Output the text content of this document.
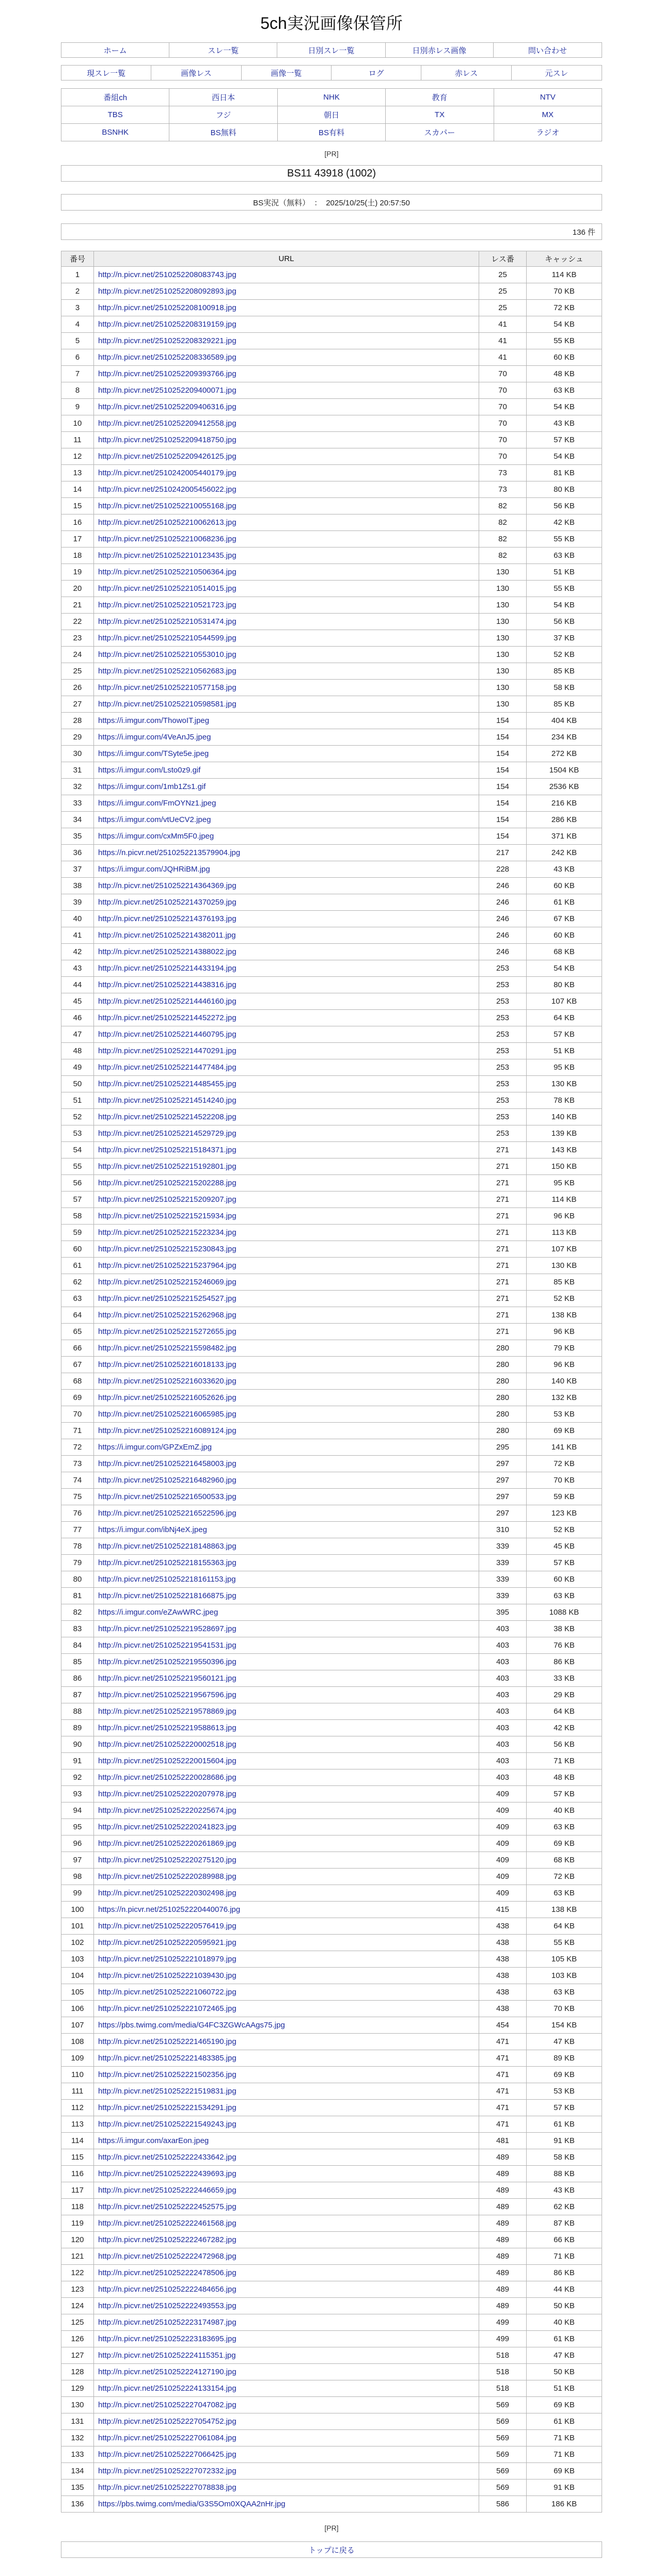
5ch実況画像保管所
ホーム	スレ一覧	日別スレ一覧	日別赤レス画像	問い合わせ
現スレ一覧	画像レス	画像一覧	ログ	赤レス	元スレ
番組ch	西日本	NHK	教育	NTV
TBS	フジ	朝日	TX	MX
BSNHK	BS無料	BS有料	スカパー	ラジオ
[PR]
BS11 43918 (1002)
BS実況（無料） ： 2025/10/25(土) 20:57:50
136 件
番号	URL	レス番	キャッシュ
1	http://n.picvr.net/2510252208083743.jpg	25	114 KB
2	http://n.picvr.net/2510252208092893.jpg	25	70 KB
3	http://n.picvr.net/2510252208100918.jpg	25	72 KB
4	http://n.picvr.net/2510252208319159.jpg	41	54 KB
5	http://n.picvr.net/2510252208329221.jpg	41	55 KB
6	http://n.picvr.net/2510252208336589.jpg	41	60 KB
7	http://n.picvr.net/2510252209393766.jpg	70	48 KB
8	http://n.picvr.net/2510252209400071.jpg	70	63 KB
9	http://n.picvr.net/2510252209406316.jpg	70	54 KB
10	http://n.picvr.net/2510252209412558.jpg	70	43 KB
11	http://n.picvr.net/2510252209418750.jpg	70	57 KB
12	http://n.picvr.net/2510252209426125.jpg	70	54 KB
13	http://n.picvr.net/2510242005440179.jpg	73	81 KB
14	http://n.picvr.net/2510242005456022.jpg	73	80 KB
15	http://n.picvr.net/2510252210055168.jpg	82	56 KB
16	http://n.picvr.net/2510252210062613.jpg	82	42 KB
17	http://n.picvr.net/2510252210068236.jpg	82	55 KB
18	http://n.picvr.net/2510252210123435.jpg	82	63 KB
19	http://n.picvr.net/2510252210506364.jpg	130	51 KB
20	http://n.picvr.net/2510252210514015.jpg	130	55 KB
21	http://n.picvr.net/2510252210521723.jpg	130	54 KB
22	http://n.picvr.net/2510252210531474.jpg	130	56 KB
23	http://n.picvr.net/2510252210544599.jpg	130	37 KB
24	http://n.picvr.net/2510252210553010.jpg	130	52 KB
25	http://n.picvr.net/2510252210562683.jpg	130	85 KB
26	http://n.picvr.net/2510252210577158.jpg	130	58 KB
27	http://n.picvr.net/2510252210598581.jpg	130	85 KB
28	https://i.imgur.com/ThowoIT.jpeg	154	404 KB
29	https://i.imgur.com/4VeAnJ5.jpeg	154	234 KB
30	https://i.imgur.com/TSyte5e.jpeg	154	272 KB
31	https://i.imgur.com/Lsto0z9.gif	154	1504 KB
32	https://i.imgur.com/1mb1Zs1.gif	154	2536 KB
33	https://i.imgur.com/FmOYNz1.jpeg	154	216 KB
34	https://i.imgur.com/vtUeCV2.jpeg	154	286 KB
35	https://i.imgur.com/cxMm5F0.jpeg	154	371 KB
36	https://n.picvr.net/2510252213579904.jpg	217	242 KB
37	https://i.imgur.com/JQHRiBM.jpg	228	43 KB
38	http://n.picvr.net/2510252214364369.jpg	246	60 KB
39	http://n.picvr.net/2510252214370259.jpg	246	61 KB
40	http://n.picvr.net/2510252214376193.jpg	246	67 KB
41	http://n.picvr.net/2510252214382011.jpg	246	60 KB
42	http://n.picvr.net/2510252214388022.jpg	246	68 KB
43	http://n.picvr.net/2510252214433194.jpg	253	54 KB
44	http://n.picvr.net/2510252214438316.jpg	253	80 KB
45	http://n.picvr.net/2510252214446160.jpg	253	107 KB
46	http://n.picvr.net/2510252214452272.jpg	253	64 KB
47	http://n.picvr.net/2510252214460795.jpg	253	57 KB
48	http://n.picvr.net/2510252214470291.jpg	253	51 KB
49	http://n.picvr.net/2510252214477484.jpg	253	95 KB
50	http://n.picvr.net/2510252214485455.jpg	253	130 KB
51	http://n.picvr.net/2510252214514240.jpg	253	78 KB
52	http://n.picvr.net/2510252214522208.jpg	253	140 KB
53	http://n.picvr.net/2510252214529729.jpg	253	139 KB
54	http://n.picvr.net/2510252215184371.jpg	271	143 KB
55	http://n.picvr.net/2510252215192801.jpg	271	150 KB
56	http://n.picvr.net/2510252215202288.jpg	271	95 KB
57	http://n.picvr.net/2510252215209207.jpg	271	114 KB
58	http://n.picvr.net/2510252215215934.jpg	271	96 KB
59	http://n.picvr.net/2510252215223234.jpg	271	113 KB
60	http://n.picvr.net/2510252215230843.jpg	271	107 KB
61	http://n.picvr.net/2510252215237964.jpg	271	130 KB
62	http://n.picvr.net/2510252215246069.jpg	271	85 KB
63	http://n.picvr.net/2510252215254527.jpg	271	52 KB
64	http://n.picvr.net/2510252215262968.jpg	271	138 KB
65	http://n.picvr.net/2510252215272655.jpg	271	96 KB
66	http://n.picvr.net/2510252215598482.jpg	280	79 KB
67	http://n.picvr.net/2510252216018133.jpg	280	96 KB
68	http://n.picvr.net/2510252216033620.jpg	280	140 KB
69	http://n.picvr.net/2510252216052626.jpg	280	132 KB
70	http://n.picvr.net/2510252216065985.jpg	280	53 KB
71	http://n.picvr.net/2510252216089124.jpg	280	69 KB
72	https://i.imgur.com/GPZxEmZ.jpg	295	141 KB
73	http://n.picvr.net/2510252216458003.jpg	297	72 KB
74	http://n.picvr.net/2510252216482960.jpg	297	70 KB
75	http://n.picvr.net/2510252216500533.jpg	297	59 KB
76	http://n.picvr.net/2510252216522596.jpg	297	123 KB
77	https://i.imgur.com/ibNj4eX.jpeg	310	52 KB
78	http://n.picvr.net/2510252218148863.jpg	339	45 KB
79	http://n.picvr.net/2510252218155363.jpg	339	57 KB
80	http://n.picvr.net/2510252218161153.jpg	339	60 KB
81	http://n.picvr.net/2510252218166875.jpg	339	63 KB
82	https://i.imgur.com/eZAwWRC.jpeg	395	1088 KB
83	http://n.picvr.net/2510252219528697.jpg	403	38 KB
84	http://n.picvr.net/2510252219541531.jpg	403	76 KB
85	http://n.picvr.net/2510252219550396.jpg	403	86 KB
86	http://n.picvr.net/2510252219560121.jpg	403	33 KB
87	http://n.picvr.net/2510252219567596.jpg	403	29 KB
88	http://n.picvr.net/2510252219578869.jpg	403	64 KB
89	http://n.picvr.net/2510252219588613.jpg	403	42 KB
90	http://n.picvr.net/2510252220002518.jpg	403	56 KB
91	http://n.picvr.net/2510252220015604.jpg	403	71 KB
92	http://n.picvr.net/2510252220028686.jpg	403	48 KB
93	http://n.picvr.net/2510252220207978.jpg	409	57 KB
94	http://n.picvr.net/2510252220225674.jpg	409	40 KB
95	http://n.picvr.net/2510252220241823.jpg	409	63 KB
96	http://n.picvr.net/2510252220261869.jpg	409	69 KB
97	http://n.picvr.net/2510252220275120.jpg	409	68 KB
98	http://n.picvr.net/2510252220289988.jpg	409	72 KB
99	http://n.picvr.net/2510252220302498.jpg	409	63 KB
100	https://n.picvr.net/2510252220440076.jpg	415	138 KB
101	http://n.picvr.net/2510252220576419.jpg	438	64 KB
102	http://n.picvr.net/2510252220595921.jpg	438	55 KB
103	http://n.picvr.net/2510252221018979.jpg	438	105 KB
104	http://n.picvr.net/2510252221039430.jpg	438	103 KB
105	http://n.picvr.net/2510252221060722.jpg	438	63 KB
106	http://n.picvr.net/2510252221072465.jpg	438	70 KB
107	https://pbs.twimg.com/media/G4FC3ZGWcAAgs75.jpg	454	154 KB
108	http://n.picvr.net/2510252221465190.jpg	471	47 KB
109	http://n.picvr.net/2510252221483385.jpg	471	89 KB
110	http://n.picvr.net/2510252221502356.jpg	471	69 KB
111	http://n.picvr.net/2510252221519831.jpg	471	53 KB
112	http://n.picvr.net/2510252221534291.jpg	471	57 KB
113	http://n.picvr.net/2510252221549243.jpg	471	61 KB
114	https://i.imgur.com/axarEon.jpeg	481	91 KB
115	http://n.picvr.net/2510252222433642.jpg	489	58 KB
116	http://n.picvr.net/2510252222439693.jpg	489	88 KB
117	http://n.picvr.net/2510252222446659.jpg	489	43 KB
118	http://n.picvr.net/2510252222452575.jpg	489	62 KB
119	http://n.picvr.net/2510252222461568.jpg	489	87 KB
120	http://n.picvr.net/2510252222467282.jpg	489	66 KB
121	http://n.picvr.net/2510252222472968.jpg	489	71 KB
122	http://n.picvr.net/2510252222478506.jpg	489	86 KB
123	http://n.picvr.net/2510252222484656.jpg	489	44 KB
124	http://n.picvr.net/2510252222493553.jpg	489	50 KB
125	http://n.picvr.net/2510252223174987.jpg	499	40 KB
126	http://n.picvr.net/2510252223183695.jpg	499	61 KB
127	http://n.picvr.net/2510252224115351.jpg	518	47 KB
128	http://n.picvr.net/2510252224127190.jpg	518	50 KB
129	http://n.picvr.net/2510252224133154.jpg	518	51 KB
130	http://n.picvr.net/2510252227047082.jpg	569	69 KB
131	http://n.picvr.net/2510252227054752.jpg	569	61 KB
132	http://n.picvr.net/2510252227061084.jpg	569	71 KB
133	http://n.picvr.net/2510252227066425.jpg	569	71 KB
134	http://n.picvr.net/2510252227072332.jpg	569	69 KB
135	http://n.picvr.net/2510252227078838.jpg	569	91 KB
136	https://pbs.twimg.com/media/G3S5Om0XQAA2nHr.jpg	586	186 KB
[PR]
トップに戻る
